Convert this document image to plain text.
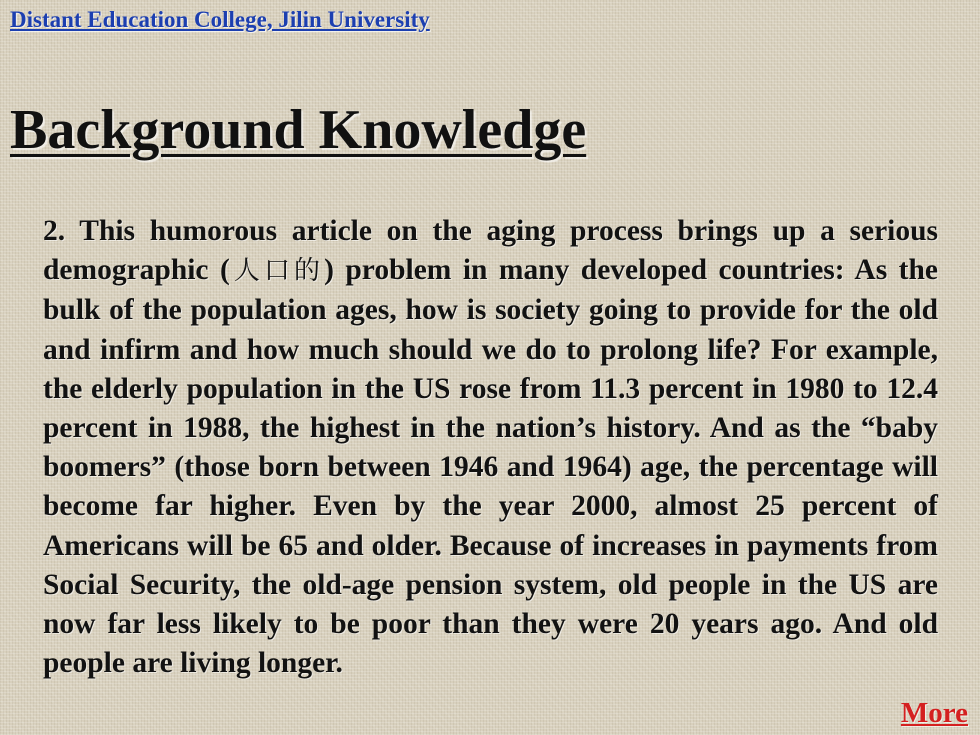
Distant Education College, Jilin University
Background Knowledge

2. This humorous article on the aging process brings up a serious demographic (人口的) problem in many developed countries: As the bulk of the population ages, how is society going to provide for the old and infirm and how much should we do to prolong life? For example, the elderly population in the US rose from 11.3 percent in 1980 to 12.4 percent in 1988, the highest in the nation’s history. And as the “baby boomers” (those born between 1946 and 1964) age, the percentage will become far higher. Even by the year 2000, almost 25 percent of Americans will be 65 and older. Because of increases in payments from Social Security, the old-age pension system, old people in the US are now far less likely to be poor than they were 20 years ago. And old people are living longer.

More
